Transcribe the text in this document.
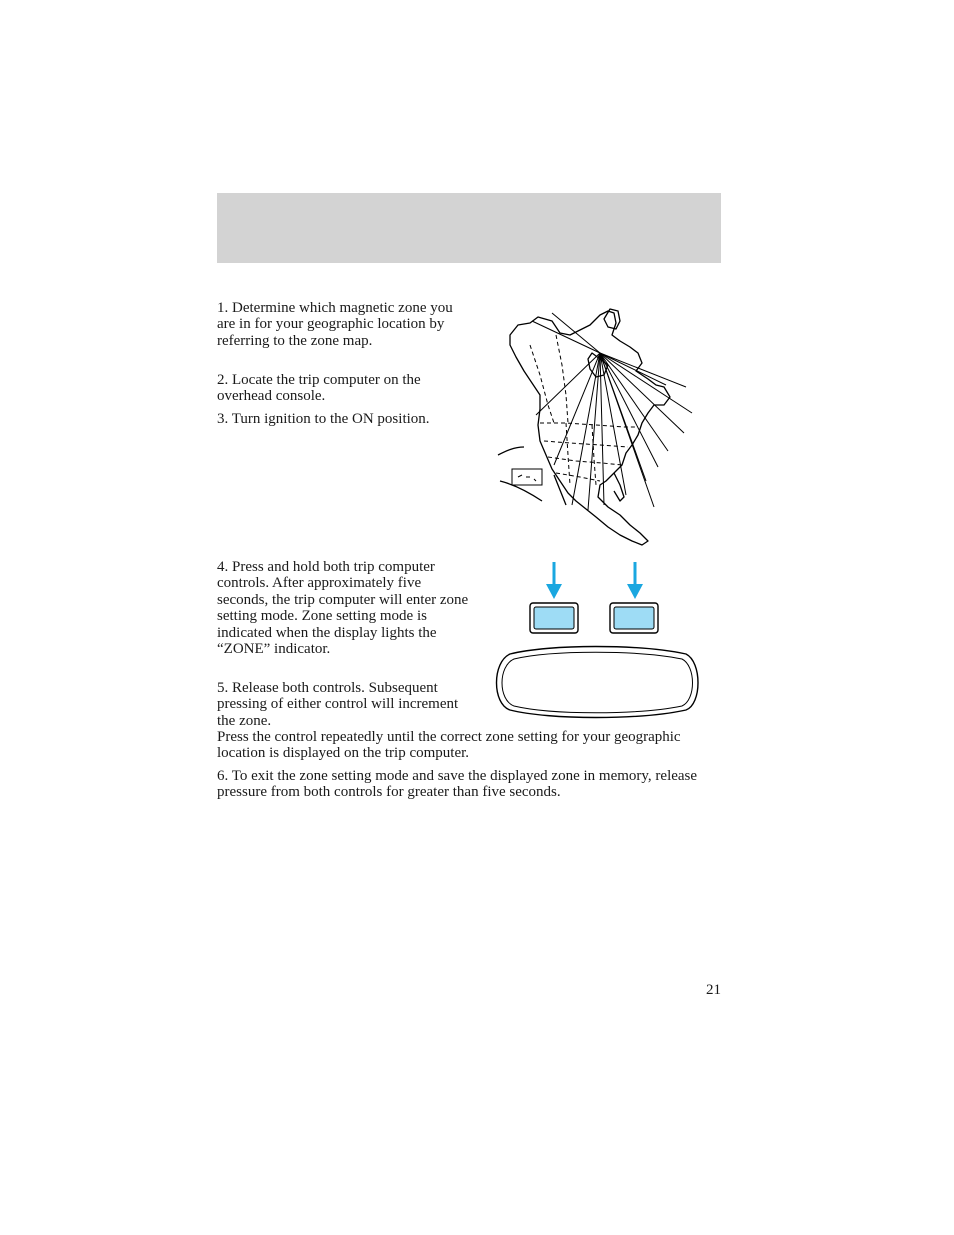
1. Determine which magnetic zone you are in for your geographic location by referring to the zone map.

2. Locate the trip computer on the overhead console.

3. Turn ignition to the ON position.

4. Press and hold both trip computer controls. After approximately five seconds, the trip computer will enter zone setting mode. Zone setting mode is indicated when the display lights the “ZONE” indicator.

5. Release both controls. Subsequent pressing of either control will increment the zone.

Press the control repeatedly until the correct zone setting for your geographic location is displayed on the trip computer.

6. To exit the zone setting mode and save the displayed zone in memory, release pressure from both controls for greater than five seconds.

21
